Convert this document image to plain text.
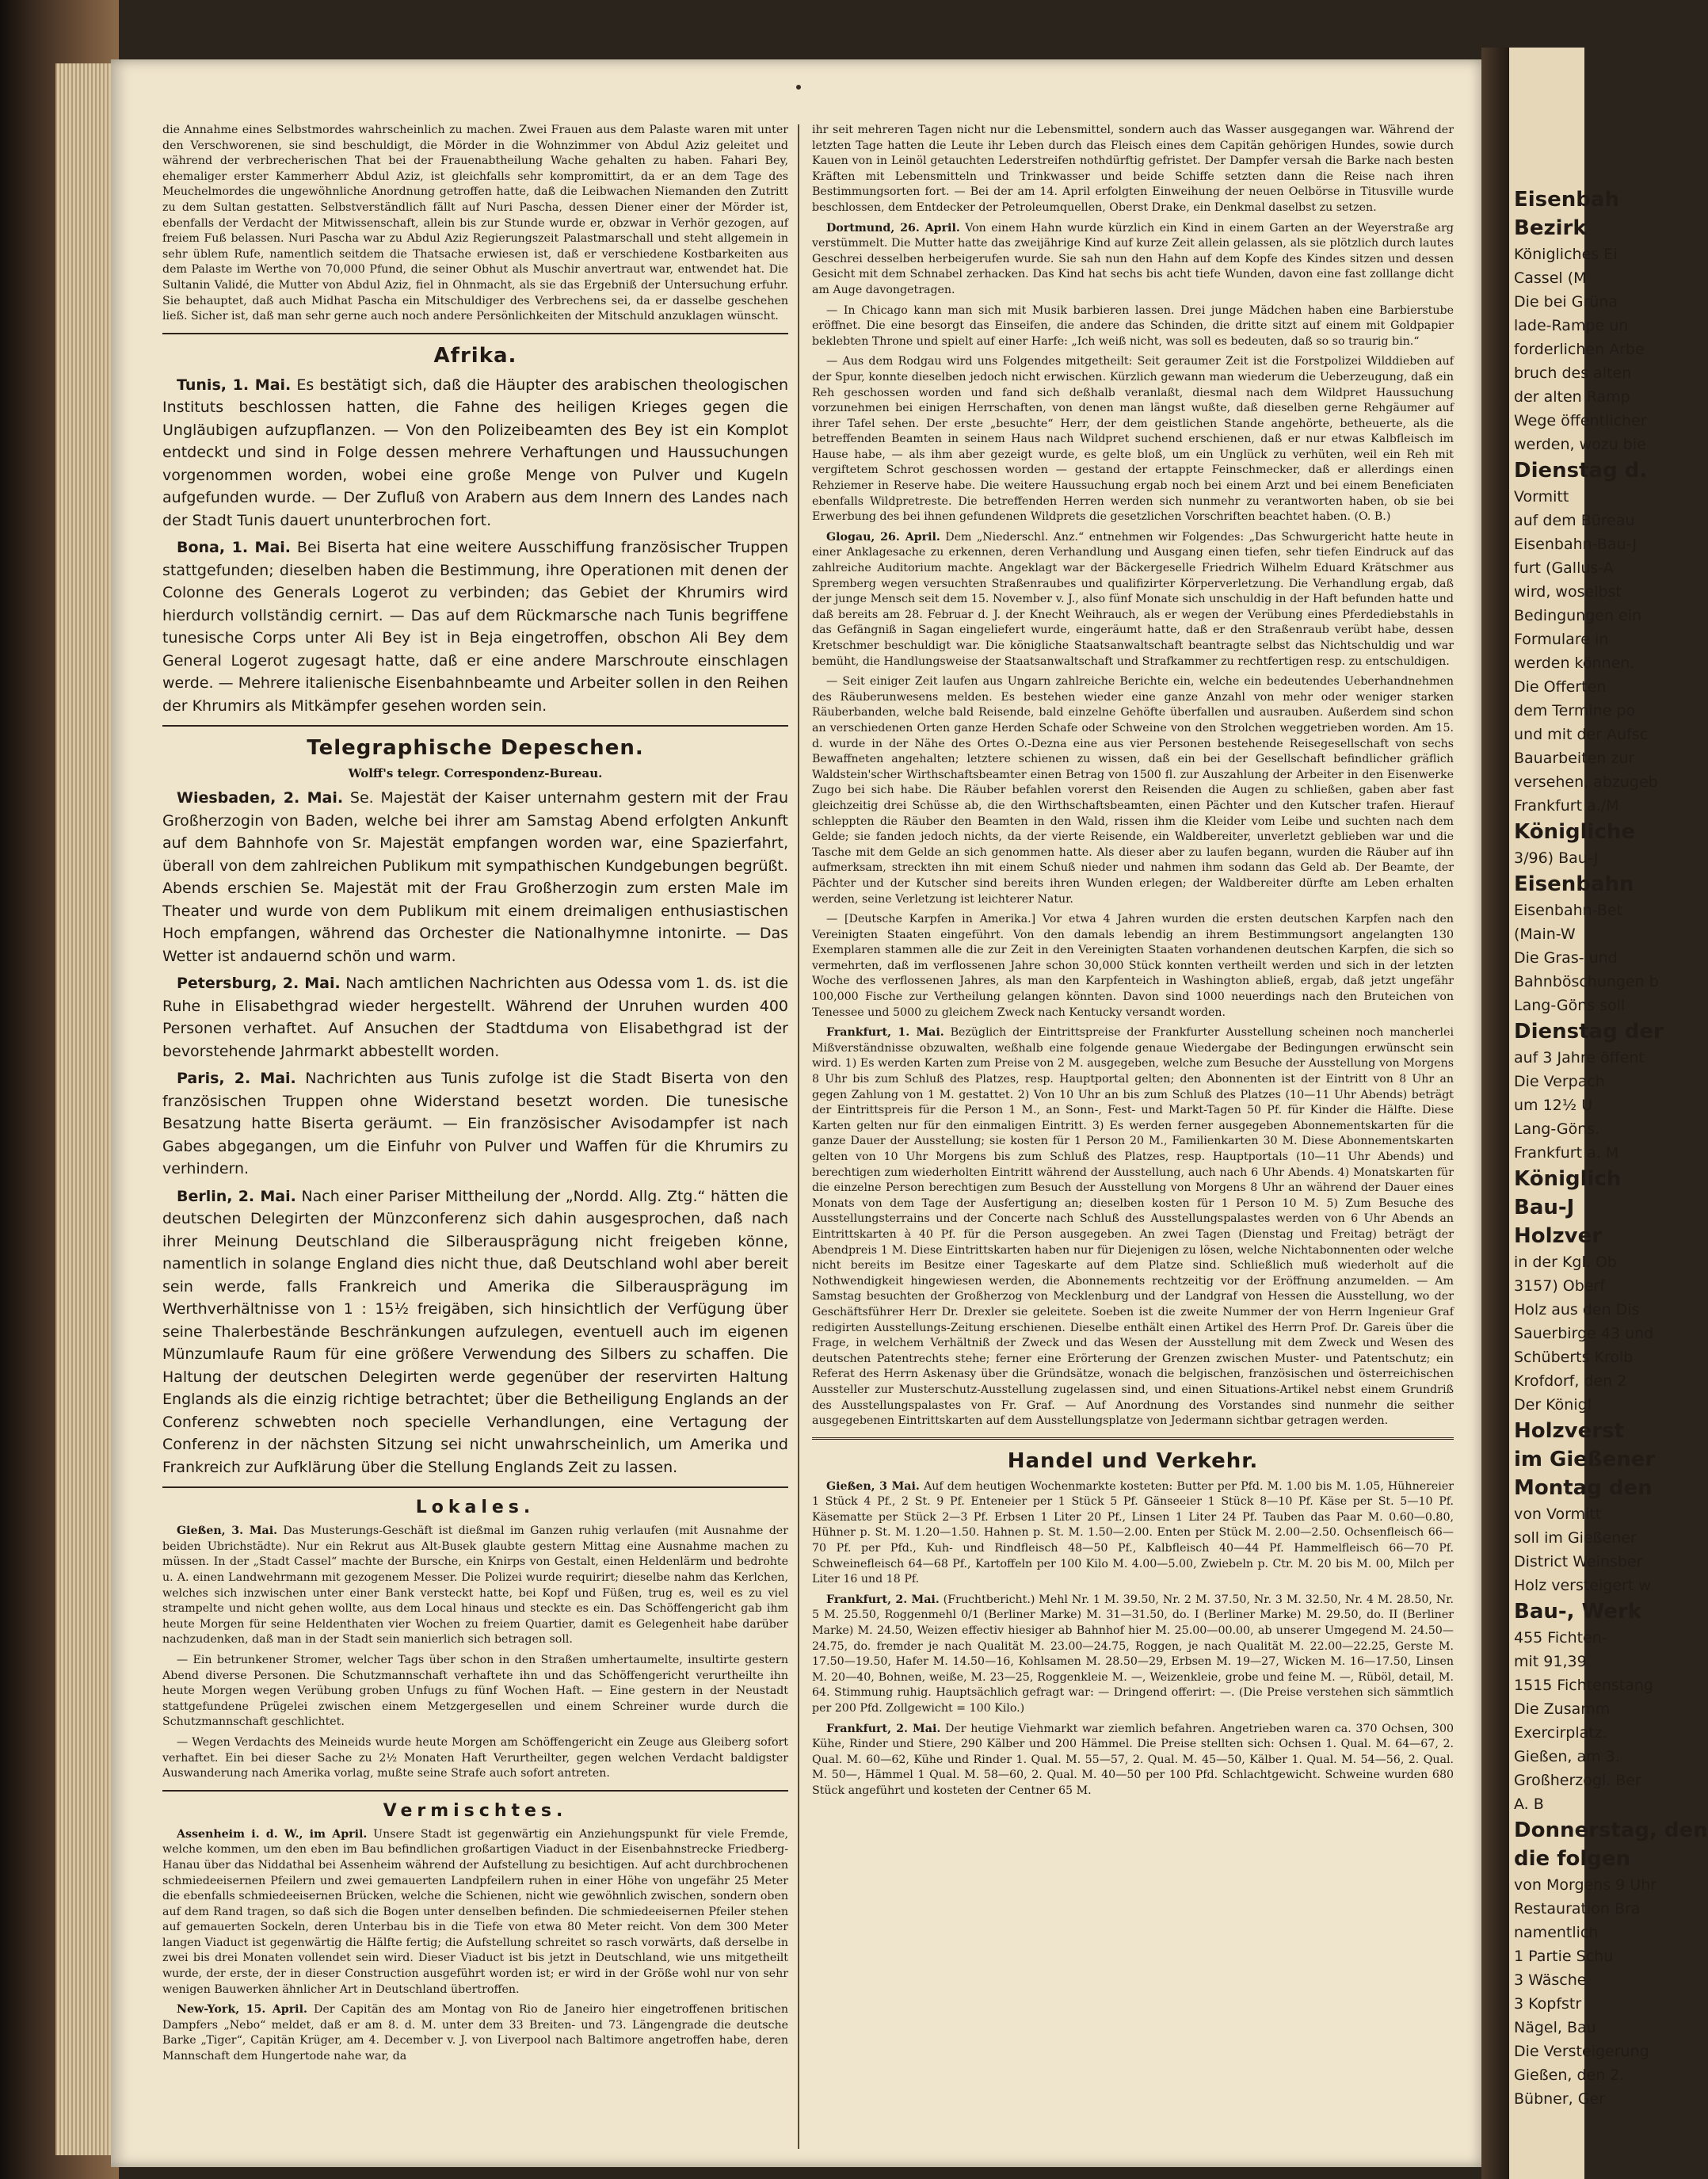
die Annahme eines Selbstmordes wahrscheinlich zu machen. Zwei Frauen aus dem Palaste waren mit unter den Verschworenen, sie sind beschuldigt, die Mörder in die Wohnzimmer von Abdul Aziz geleitet und während der verbrecherischen That bei der Frauenabtheilung Wache gehalten zu haben. Fahari Bey, ehemaliger erster Kammerherr Abdul Aziz, ist gleichfalls sehr kompromittirt, da er an dem Tage des Meuchelmordes die ungewöhnliche Anordnung getroffen hatte, daß die Leibwachen Niemanden den Zutritt zu dem Sultan gestatten. Selbstverständlich fällt auf Nuri Pascha, dessen Diener einer der Mörder ist, ebenfalls der Verdacht der Mitwissenschaft, allein bis zur Stunde wurde er, obzwar in Verhör gezogen, auf freiem Fuß belassen. Nuri Pascha war zu Abdul Aziz Regierungszeit Palastmarschall und steht allgemein in sehr üblem Rufe, namentlich seitdem die Thatsache erwiesen ist, daß er verschiedene Kostbarkeiten aus dem Palaste im Werthe von 70,000 Pfund, die seiner Obhut als Muschir anvertraut war, entwendet hat. Die Sultanin Validé, die Mutter von Abdul Aziz, fiel in Ohnmacht, als sie das Ergebniß der Untersuchung erfuhr. Sie behauptet, daß auch Midhat Pascha ein Mitschuldiger des Verbrechens sei, da er dasselbe geschehen ließ. Sicher ist, daß man sehr gerne auch noch andere Persönlichkeiten der Mitschuld anzuklagen wünscht.

Afrika.

Tunis, 1. Mai. Es bestätigt sich, daß die Häupter des arabischen theologischen Instituts beschlossen hatten, die Fahne des heiligen Krieges gegen die Ungläubigen aufzupflanzen. — Von den Polizeibeamten des Bey ist ein Komplot entdeckt und sind in Folge dessen mehrere Verhaftungen und Haussuchungen vorgenommen worden, wobei eine große Menge von Pulver und Kugeln aufgefunden wurde. — Der Zufluß von Arabern aus dem Innern des Landes nach der Stadt Tunis dauert ununterbrochen fort.

Bona, 1. Mai. Bei Biserta hat eine weitere Ausschiffung französischer Truppen stattgefunden; dieselben haben die Bestimmung, ihre Operationen mit denen der Colonne des Generals Logerot zu verbinden; das Gebiet der Khrumirs wird hierdurch vollständig cernirt. — Das auf dem Rückmarsche nach Tunis begriffene tunesische Corps unter Ali Bey ist in Beja eingetroffen, obschon Ali Bey dem General Logerot zugesagt hatte, daß er eine andere Marschroute einschlagen werde. — Mehrere italienische Eisenbahnbeamte und Arbeiter sollen in den Reihen der Khrumirs als Mitkämpfer gesehen worden sein.

Telegraphische Depeschen.
Wolff's telegr. Correspondenz-Bureau.

Wiesbaden, 2. Mai. Se. Majestät der Kaiser unternahm gestern mit der Frau Großherzogin von Baden, welche bei ihrer am Samstag Abend erfolgten Ankunft auf dem Bahnhofe von Sr. Majestät empfangen worden war, eine Spazierfahrt, überall von dem zahlreichen Publikum mit sympathischen Kundgebungen begrüßt. Abends erschien Se. Majestät mit der Frau Großherzogin zum ersten Male im Theater und wurde von dem Publikum mit einem dreimaligen enthusiastischen Hoch empfangen, während das Orchester die Nationalhymne intonirte. — Das Wetter ist andauernd schön und warm.

Petersburg, 2. Mai. Nach amtlichen Nachrichten aus Odessa vom 1. ds. ist die Ruhe in Elisabethgrad wieder hergestellt. Während der Unruhen wurden 400 Personen verhaftet. Auf Ansuchen der Stadtduma von Elisabethgrad ist der bevorstehende Jahrmarkt abbestellt worden.

Paris, 2. Mai. Nachrichten aus Tunis zufolge ist die Stadt Biserta von den französischen Truppen ohne Widerstand besetzt worden. Die tunesische Besatzung hatte Biserta geräumt. — Ein französischer Avisodampfer ist nach Gabes abgegangen, um die Einfuhr von Pulver und Waffen für die Khrumirs zu verhindern.

Berlin, 2. Mai. Nach einer Pariser Mittheilung der „Nordd. Allg. Ztg.“ hätten die deutschen Delegirten der Münzconferenz sich dahin ausgesprochen, daß nach ihrer Meinung Deutschland die Silberausprägung nicht freigeben könne, namentlich in solange England dies nicht thue, daß Deutschland wohl aber bereit sein werde, falls Frankreich und Amerika die Silberausprägung im Werthverhältnisse von 1 : 15½ freigäben, sich hinsichtlich der Verfügung über seine Thalerbestände Beschränkungen aufzulegen, eventuell auch im eigenen Münzumlaufe Raum für eine größere Verwendung des Silbers zu schaffen. Die Haltung der deutschen Delegirten werde gegenüber der reservirten Haltung Englands als die einzig richtige betrachtet; über die Betheiligung Englands an der Conferenz schwebten noch specielle Verhandlungen, eine Vertagung der Conferenz in der nächsten Sitzung sei nicht unwahrscheinlich, um Amerika und Frankreich zur Aufklärung über die Stellung Englands Zeit zu lassen.

Lokales.

Gießen, 3. Mai. Das Musterungs-Geschäft ist dießmal im Ganzen ruhig verlaufen (mit Ausnahme der beiden Ubrichstädte). Nur ein Rekrut aus Alt-Busek glaubte gestern Mittag eine Ausnahme machen zu müssen. In der „Stadt Cassel“ machte der Bursche, ein Knirps von Gestalt, einen Heldenlärm und bedrohte u. A. einen Landwehrmann mit gezogenem Messer. Die Polizei wurde requirirt; dieselbe nahm das Kerlchen, welches sich inzwischen unter einer Bank versteckt hatte, bei Kopf und Füßen, trug es, weil es zu viel strampelte und nicht gehen wollte, aus dem Local hinaus und steckte es ein. Das Schöffengericht gab ihm heute Morgen für seine Heldenthaten vier Wochen zu freiem Quartier, damit es Gelegenheit habe darüber nachzudenken, daß man in der Stadt sein manierlich sich betragen soll.

— Ein betrunkener Stromer, welcher Tags über schon in den Straßen umhertaumelte, insultirte gestern Abend diverse Personen. Die Schutzmannschaft verhaftete ihn und das Schöffengericht verurtheilte ihn heute Morgen wegen Verübung groben Unfugs zu fünf Wochen Haft. — Eine gestern in der Neustadt stattgefundene Prügelei zwischen einem Metzgergesellen und einem Schreiner wurde durch die Schutzmannschaft geschlichtet.

— Wegen Verdachts des Meineids wurde heute Morgen am Schöffengericht ein Zeuge aus Gleiberg sofort verhaftet. Ein bei dieser Sache zu 2½ Monaten Haft Verurtheilter, gegen welchen Verdacht baldigster Auswanderung nach Amerika vorlag, mußte seine Strafe auch sofort antreten.

Vermischtes.

Assenheim i. d. W., im April. Unsere Stadt ist gegenwärtig ein Anziehungspunkt für viele Fremde, welche kommen, um den eben im Bau befindlichen großartigen Viaduct in der Eisenbahnstrecke Friedberg-Hanau über das Niddathal bei Assenheim während der Aufstellung zu besichtigen. Auf acht durchbrochenen schmiedeeisernen Pfeilern und zwei gemauerten Landpfeilern ruhen in einer Höhe von ungefähr 25 Meter die ebenfalls schmiedeeisernen Brücken, welche die Schienen, nicht wie gewöhnlich zwischen, sondern oben auf dem Rand tragen, so daß sich die Bogen unter denselben befinden. Die schmiedeeisernen Pfeiler stehen auf gemauerten Sockeln, deren Unterbau bis in die Tiefe von etwa 80 Meter reicht. Von dem 300 Meter langen Viaduct ist gegenwärtig die Hälfte fertig; die Aufstellung schreitet so rasch vorwärts, daß derselbe in zwei bis drei Monaten vollendet sein wird. Dieser Viaduct ist bis jetzt in Deutschland, wie uns mitgetheilt wurde, der erste, der in dieser Construction ausgeführt worden ist; er wird in der Größe wohl nur von sehr wenigen Bauwerken ähnlicher Art in Deutschland übertroffen.

New-York, 15. April. Der Capitän des am Montag von Rio de Janeiro hier eingetroffenen britischen Dampfers „Nebo“ meldet, daß er am 8. d. M. unter dem 33 Breiten- und 73. Längengrade die deutsche Barke „Tiger“, Capitän Krüger, am 4. December v. J. von Liverpool nach Baltimore angetroffen habe, deren Mannschaft dem Hungertode nahe war, da

ihr seit mehreren Tagen nicht nur die Lebensmittel, sondern auch das Wasser ausgegangen war. Während der letzten Tage hatten die Leute ihr Leben durch das Fleisch eines dem Capitän gehörigen Hundes, sowie durch Kauen von in Leinöl getauchten Lederstreifen nothdürftig gefristet. Der Dampfer versah die Barke nach besten Kräften mit Lebensmitteln und Trinkwasser und beide Schiffe setzten dann die Reise nach ihren Bestimmungsorten fort. — Bei der am 14. April erfolgten Einweihung der neuen Oelbörse in Titusville wurde beschlossen, dem Entdecker der Petroleumquellen, Oberst Drake, ein Denkmal daselbst zu setzen.

Dortmund, 26. April. Von einem Hahn wurde kürzlich ein Kind in einem Garten an der Weyerstraße arg verstümmelt. Die Mutter hatte das zweijährige Kind auf kurze Zeit allein gelassen, als sie plötzlich durch lautes Geschrei desselben herbeigerufen wurde. Sie sah nun den Hahn auf dem Kopfe des Kindes sitzen und dessen Gesicht mit dem Schnabel zerhacken. Das Kind hat sechs bis acht tiefe Wunden, davon eine fast zolllange dicht am Auge davongetragen.

— In Chicago kann man sich mit Musik barbieren lassen. Drei junge Mädchen haben eine Barbierstube eröffnet. Die eine besorgt das Einseifen, die andere das Schinden, die dritte sitzt auf einem mit Goldpapier beklebten Throne und spielt auf einer Harfe: „Ich weiß nicht, was soll es bedeuten, daß so so traurig bin.“

— Aus dem Rodgau wird uns Folgendes mitgetheilt: Seit geraumer Zeit ist die Forstpolizei Wilddieben auf der Spur, konnte dieselben jedoch nicht erwischen. Kürzlich gewann man wiederum die Ueberzeugung, daß ein Reh geschossen worden und fand sich deßhalb veranlaßt, diesmal nach dem Wildpret Haussuchung vorzunehmen bei einigen Herrschaften, von denen man längst wußte, daß dieselben gerne Rehgäumer auf ihrer Tafel sehen. Der erste „besuchte“ Herr, der dem geistlichen Stande angehörte, betheuerte, als die betreffenden Beamten in seinem Haus nach Wildpret suchend erschienen, daß er nur etwas Kalbfleisch im Hause habe, — als ihm aber gezeigt wurde, es gelte bloß, um ein Unglück zu verhüten, weil ein Reh mit vergiftetem Schrot geschossen worden — gestand der ertappte Feinschmecker, daß er allerdings einen Rehziemer in Reserve habe. Die weitere Haussuchung ergab noch bei einem Arzt und bei einem Beneficiaten ebenfalls Wildpretreste. Die betreffenden Herren werden sich nunmehr zu verantworten haben, ob sie bei Erwerbung des bei ihnen gefundenen Wildprets die gesetzlichen Vorschriften beachtet haben. (O. B.)

Glogau, 26. April. Dem „Niederschl. Anz.“ entnehmen wir Folgendes: „Das Schwurgericht hatte heute in einer Anklagesache zu erkennen, deren Verhandlung und Ausgang einen tiefen, sehr tiefen Eindruck auf das zahlreiche Auditorium machte. Angeklagt war der Bäckergeselle Friedrich Wilhelm Eduard Krätschmer aus Spremberg wegen versuchten Straßenraubes und qualifizirter Körperverletzung. Die Verhandlung ergab, daß der junge Mensch seit dem 15. November v. J., also fünf Monate sich unschuldig in der Haft befunden hatte und daß bereits am 28. Februar d. J. der Knecht Weihrauch, als er wegen der Verübung eines Pferdediebstahls in das Gefängniß in Sagan eingeliefert wurde, eingeräumt hatte, daß er den Straßenraub verübt habe, dessen Kretschmer beschuldigt war. Die königliche Staatsanwaltschaft beantragte selbst das Nichtschuldig und war bemüht, die Handlungsweise der Staatsanwaltschaft und Strafkammer zu rechtfertigen resp. zu entschuldigen.

— Seit einiger Zeit laufen aus Ungarn zahlreiche Berichte ein, welche ein bedeutendes Ueberhandnehmen des Räuberunwesens melden. Es bestehen wieder eine ganze Anzahl von mehr oder weniger starken Räuberbanden, welche bald Reisende, bald einzelne Gehöfte überfallen und ausrauben. Außerdem sind schon an verschiedenen Orten ganze Herden Schafe oder Schweine von den Strolchen weggetrieben worden. Am 15. d. wurde in der Nähe des Ortes O.-Dezna eine aus vier Personen bestehende Reisegesellschaft von sechs Bewaffneten angehalten; letztere schienen zu wissen, daß ein bei der Gesellschaft befindlicher gräflich Waldstein'scher Wirthschaftsbeamter einen Betrag von 1500 fl. zur Auszahlung der Arbeiter in den Eisenwerke Zugo bei sich habe. Die Räuber befahlen vorerst den Reisenden die Augen zu schließen, gaben aber fast gleichzeitig drei Schüsse ab, die den Wirthschaftsbeamten, einen Pächter und den Kutscher trafen. Hierauf schleppten die Räuber den Beamten in den Wald, rissen ihm die Kleider vom Leibe und suchten nach dem Gelde; sie fanden jedoch nichts, da der vierte Reisende, ein Waldbereiter, unverletzt geblieben war und die Tasche mit dem Gelde an sich genommen hatte. Als dieser aber zu laufen begann, wurden die Räuber auf ihn aufmerksam, streckten ihn mit einem Schuß nieder und nahmen ihm sodann das Geld ab. Der Beamte, der Pächter und der Kutscher sind bereits ihren Wunden erlegen; der Waldbereiter dürfte am Leben erhalten werden, seine Verletzung ist leichterer Natur.

— [Deutsche Karpfen in Amerika.] Vor etwa 4 Jahren wurden die ersten deutschen Karpfen nach den Vereinigten Staaten eingeführt. Von den damals lebendig an ihrem Bestimmungsort angelangten 130 Exemplaren stammen alle die zur Zeit in den Vereinigten Staaten vorhandenen deutschen Karpfen, die sich so vermehrten, daß im verflossenen Jahre schon 30,000 Stück konnten vertheilt werden und sich in der letzten Woche des verflossenen Jahres, als man den Karpfenteich in Washington abließ, ergab, daß jetzt ungefähr 100,000 Fische zur Vertheilung gelangen könnten. Davon sind 1000 neuerdings nach den Bruteichen von Tenessee und 5000 zu gleichem Zweck nach Kentucky versandt worden.

Frankfurt, 1. Mai. Bezüglich der Eintrittspreise der Frankfurter Ausstellung scheinen noch mancherlei Mißverständnisse obzuwalten, weßhalb eine folgende genaue Wiedergabe der Bedingungen erwünscht sein wird. 1) Es werden Karten zum Preise von 2 M. ausgegeben, welche zum Besuche der Ausstellung von Morgens 8 Uhr bis zum Schluß des Platzes, resp. Hauptportal gelten; den Abonnenten ist der Eintritt von 8 Uhr an gegen Zahlung von 1 M. gestattet. 2) Von 10 Uhr an bis zum Schluß des Platzes (10—11 Uhr Abends) beträgt der Eintrittspreis für die Person 1 M., an Sonn-, Fest- und Markt-Tagen 50 Pf. für Kinder die Hälfte. Diese Karten gelten nur für den einmaligen Eintritt. 3) Es werden ferner ausgegeben Abonnementskarten für die ganze Dauer der Ausstellung; sie kosten für 1 Person 20 M., Familienkarten 30 M. Diese Abonnementskarten gelten von 10 Uhr Morgens bis zum Schluß des Platzes, resp. Hauptportals (10—11 Uhr Abends) und berechtigen zum wiederholten Eintritt während der Ausstellung, auch nach 6 Uhr Abends. 4) Monatskarten für die einzelne Person berechtigen zum Besuch der Ausstellung von Morgens 8 Uhr an während der Dauer eines Monats von dem Tage der Ausfertigung an; dieselben kosten für 1 Person 10 M. 5) Zum Besuche des Ausstellungsterrains und der Concerte nach Schluß des Ausstellungspalastes werden von 6 Uhr Abends an Eintrittskarten à 40 Pf. für die Person ausgegeben. An zwei Tagen (Dienstag und Freitag) beträgt der Abendpreis 1 M. Diese Eintrittskarten haben nur für Diejenigen zu lösen, welche Nichtabonnenten oder welche nicht bereits im Besitze einer Tageskarte auf dem Platze sind. Schließlich muß wiederholt auf die Nothwendigkeit hingewiesen werden, die Abonnements rechtzeitig vor der Eröffnung anzumelden. — Am Samstag besuchten der Großherzog von Mecklenburg und der Landgraf von Hessen die Ausstellung, wo der Geschäftsführer Herr Dr. Drexler sie geleitete. Soeben ist die zweite Nummer der von Herrn Ingenieur Graf redigirten Ausstellungs-Zeitung erschienen. Dieselbe enthält einen Artikel des Herrn Prof. Dr. Gareis über die Frage, in welchem Verhältniß der Zweck und das Wesen der Ausstellung mit dem Zweck und Wesen des deutschen Patentrechts stehe; ferner eine Erörterung der Grenzen zwischen Muster- und Patentschutz; ein Referat des Herrn Askenasy über die Gründsätze, wonach die belgischen, französischen und österreichischen Aussteller zur Musterschutz-Ausstellung zugelassen sind, und einen Situations-Artikel nebst einem Grundriß des Ausstellungspalastes von Fr. Graf. — Auf Anordnung des Vorstandes sind nunmehr die seither ausgegebenen Eintrittskarten auf dem Ausstellungsplatze von Jedermann sichtbar getragen werden.

Handel und Verkehr.

Gießen, 3 Mai. Auf dem heutigen Wochenmarkte kosteten: Butter per Pfd. M. 1.00 bis M. 1.05, Hühnereier 1 Stück 4 Pf., 2 St. 9 Pf. Enteneier per 1 Stück 5 Pf. Gänseeier 1 Stück 8—10 Pf. Käse per St. 5—10 Pf. Käsematte per Stück 2—3 Pf. Erbsen 1 Liter 20 Pf., Linsen 1 Liter 24 Pf. Tauben das Paar M. 0.60—0.80, Hühner p. St. M. 1.20—1.50. Hahnen p. St. M. 1.50—2.00. Enten per Stück M. 2.00—2.50. Ochsenfleisch 66—70 Pf. per Pfd., Kuh- und Rindfleisch 48—50 Pf., Kalbfleisch 40—44 Pf. Hammelfleisch 66—70 Pf. Schweinefleisch 64—68 Pf., Kartoffeln per 100 Kilo M. 4.00—5.00, Zwiebeln p. Ctr. M. 20 bis M. 00, Milch per Liter 16 und 18 Pf.

Frankfurt, 2. Mai. (Fruchtbericht.) Mehl Nr. 1 M. 39.50, Nr. 2 M. 37.50, Nr. 3 M. 32.50, Nr. 4 M. 28.50, Nr. 5 M. 25.50, Roggenmehl 0/1 (Berliner Marke) M. 31—31.50, do. I (Berliner Marke) M. 29.50, do. II (Berliner Marke) M. 24.50, Weizen effectiv hiesiger ab Bahnhof hier M. 25.00—00.00, ab unserer Umgegend M. 24.50—24.75, do. fremder je nach Qualität M. 23.00—24.75, Roggen, je nach Qualität M. 22.00—22.25, Gerste M. 17.50—19.50, Hafer M. 14.50—16, Kohlsamen M. 28.50—29, Erbsen M. 19—27, Wicken M. 16—17.50, Linsen M. 20—40, Bohnen, weiße, M. 23—25, Roggenkleie M. —, Weizenkleie, grobe und feine M. —, Rüböl, detail, M. 64. Stimmung ruhig. Hauptsächlich gefragt war: — Dringend offerirt: —. (Die Preise verstehen sich sämmtlich per 200 Pfd. Zollgewicht = 100 Kilo.)

Frankfurt, 2. Mai. Der heutige Viehmarkt war ziemlich befahren. Angetrieben waren ca. 370 Ochsen, 300 Kühe, Rinder und Stiere, 290 Kälber und 200 Hämmel. Die Preise stellten sich: Ochsen 1. Qual. M. 64—67, 2. Qual. M. 60—62, Kühe und Rinder 1. Qual. M. 55—57, 2. Qual. M. 45—50, Kälber 1. Qual. M. 54—56, 2. Qual. M. 50—, Hämmel 1 Qual. M. 58—60, 2. Qual. M. 40—50 per 100 Pfd. Schlachtgewicht. Schweine wurden 680 Stück angeführt und kosteten der Centner 65 M.

Eisenbah
Bezirk
Königliches Ei
Cassel (M
Die bei Grüna
lade-Rampe un
forderlichen Arbe
bruch des alten
der alten Ramp
Wege öffentlicher
werden, wozu bie
Dienstag d.
Vormitt
auf dem Büreau
Eisenbahn-Bau-J
furt (Gallus-A
wird, woselbst
Bedingungen ein
Formulare in
werden können.
Die Offerten
dem Termine po
und mit der Aufsc
Bauarbeiten zur
versehen, abzugeb
Frankfurt a./M
Königliche
3/96) Bau-J
Eisenbahn
Eisenbahn-Bet
(Main-W
Die Gras- und
Bahnböschungen b
Lang-Göns soll
Dienstag der
auf 3 Jahre öffent
Die Verpach
um 12½ U
Lang-Göns.
Frankfurt a. M
Königlich
Bau-J
Holzver
in der Kgl. Ob
3157) Oberf
Holz aus den Dis
Sauerbirge 43 und
Schüberts Krolb
Krofdorf, den 2
Der Königl
Holzverst
im Gießener
Montag den
von Vormitt
soll im Gießener
District Weinsber
Holz versteigert w
Bau-, Werk
455 Fichten-
mit 91,39
1515 Fichtenstang
Die Zusamm
Exercirplatz.
Gießen, am 3.
Großherzogl. Ber
A. B
Donnerstag, den
die folgen
von Morgens 9 Uhr
Restauration Bra
namentlich
1 Partie Schu
3 Wäsche
3 Kopfstr
Nägel, Bau
Die Versteigerung
Gießen, den 2.
Bübner, Ger
